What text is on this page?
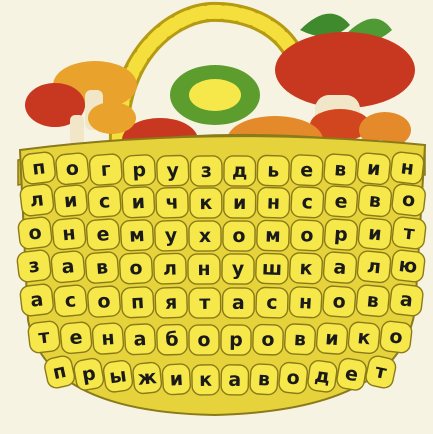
п о г р у з д ь е в и н
л и с и ч к и н с е в о
о н е м у х о м о р и т
з а в о л н у ш к а л ю
а с о п я т а с н о в а
т е н а б о р о в и к о
п р ы ж и к а в о д е т
